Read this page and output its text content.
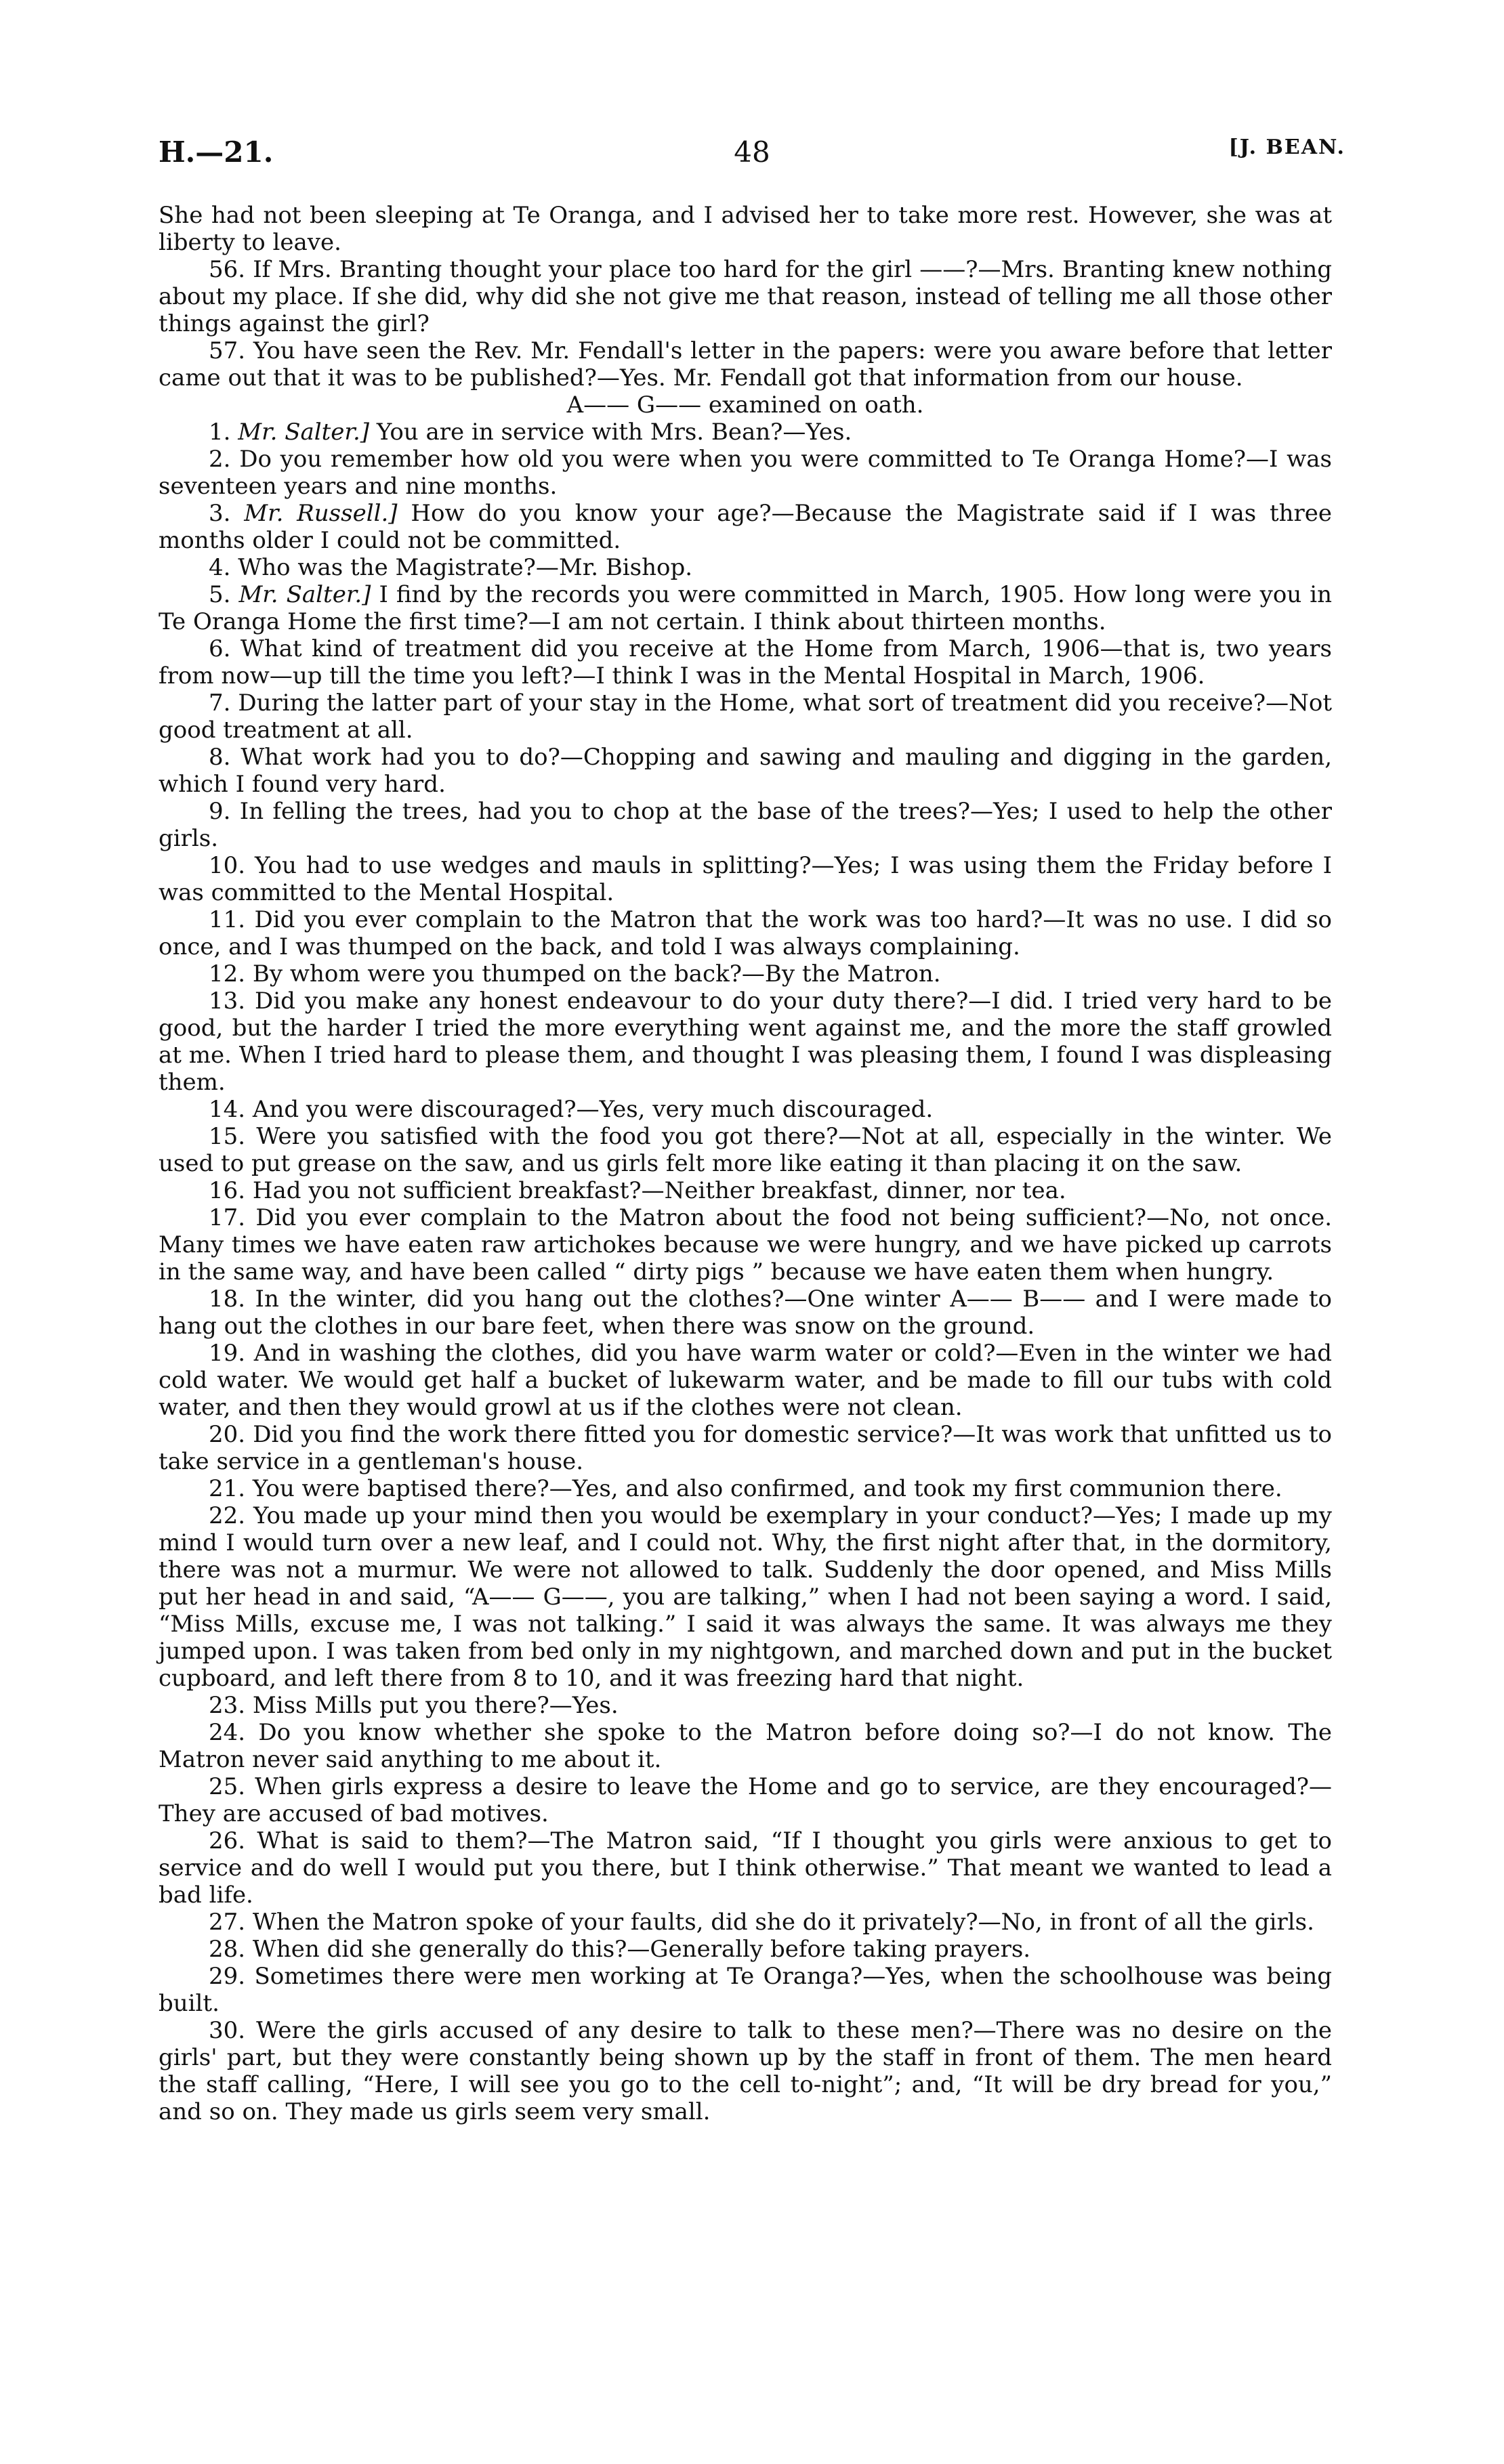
H.—21.	48	[J. BEAN.

She had not been sleeping at Te Oranga, and I advised her to take more rest. However, she was at liberty to leave.

56. If Mrs. Branting thought your place too hard for the girl ——?—Mrs. Branting knew nothing about my place. If she did, why did she not give me that reason, instead of telling me all those other things against the girl?

57. You have seen the Rev. Mr. Fendall's letter in the papers: were you aware before that letter came out that it was to be published?—Yes. Mr. Fendall got that information from our house.

A—— G—— examined on oath.

1. Mr. Salter.] You are in service with Mrs. Bean?—Yes.

2. Do you remember how old you were when you were committed to Te Oranga Home?—I was seventeen years and nine months.

3. Mr. Russell.] How do you know your age?—Because the Magistrate said if I was three months older I could not be committed.

4. Who was the Magistrate?—Mr. Bishop.

5. Mr. Salter.] I find by the records you were committed in March, 1905. How long were you in Te Oranga Home the first time?—I am not certain. I think about thirteen months.

6. What kind of treatment did you receive at the Home from March, 1906—that is, two years from now—up till the time you left?—I think I was in the Mental Hospital in March, 1906.

7. During the latter part of your stay in the Home, what sort of treatment did you receive?—Not good treatment at all.

8. What work had you to do?—Chopping and sawing and mauling and digging in the garden, which I found very hard.

9. In felling the trees, had you to chop at the base of the trees?—Yes; I used to help the other girls.

10. You had to use wedges and mauls in splitting?—Yes; I was using them the Friday before I was committed to the Mental Hospital.

11. Did you ever complain to the Matron that the work was too hard?—It was no use. I did so once, and I was thumped on the back, and told I was always complaining.

12. By whom were you thumped on the back?—By the Matron.

13. Did you make any honest endeavour to do your duty there?—I did. I tried very hard to be good, but the harder I tried the more everything went against me, and the more the staff growled at me. When I tried hard to please them, and thought I was pleasing them, I found I was displeasing them.

14. And you were discouraged?—Yes, very much discouraged.

15. Were you satisfied with the food you got there?—Not at all, especially in the winter. We used to put grease on the saw, and us girls felt more like eating it than placing it on the saw.

16. Had you not sufficient breakfast?—Neither breakfast, dinner, nor tea.

17. Did you ever complain to the Matron about the food not being sufficient?—No, not once. Many times we have eaten raw artichokes because we were hungry, and we have picked up carrots in the same way, and have been called “ dirty pigs ” because we have eaten them when hungry.

18. In the winter, did you hang out the clothes?—One winter A—— B—— and I were made to hang out the clothes in our bare feet, when there was snow on the ground.

19. And in washing the clothes, did you have warm water or cold?—Even in the winter we had cold water. We would get half a bucket of lukewarm water, and be made to fill our tubs with cold water, and then they would growl at us if the clothes were not clean.

20. Did you find the work there fitted you for domestic service?—It was work that unfitted us to take service in a gentleman's house.

21. You were baptised there?—Yes, and also confirmed, and took my first communion there.

22. You made up your mind then you would be exemplary in your conduct?—Yes; I made up my mind I would turn over a new leaf, and I could not. Why, the first night after that, in the dormitory, there was not a murmur. We were not allowed to talk. Suddenly the door opened, and Miss Mills put her head in and said, “A—— G——, you are talking,” when I had not been saying a word. I said, “Miss Mills, excuse me, I was not talking.” I said it was always the same. It was always me they jumped upon. I was taken from bed only in my nightgown, and marched down and put in the bucket cupboard, and left there from 8 to 10, and it was freezing hard that night.

23. Miss Mills put you there?—Yes.

24. Do you know whether she spoke to the Matron before doing so?—I do not know. The Matron never said anything to me about it.

25. When girls express a desire to leave the Home and go to service, are they encouraged?—They are accused of bad motives.

26. What is said to them?—The Matron said, “If I thought you girls were anxious to get to service and do well I would put you there, but I think otherwise.” That meant we wanted to lead a bad life.

27. When the Matron spoke of your faults, did she do it privately?—No, in front of all the girls.

28. When did she generally do this?—Generally before taking prayers.

29. Sometimes there were men working at Te Oranga?—Yes, when the schoolhouse was being built.

30. Were the girls accused of any desire to talk to these men?—There was no desire on the girls' part, but they were constantly being shown up by the staff in front of them. The men heard the staff calling, “Here, I will see you go to the cell to-night”; and, “It will be dry bread for you,” and so on. They made us girls seem very small.
